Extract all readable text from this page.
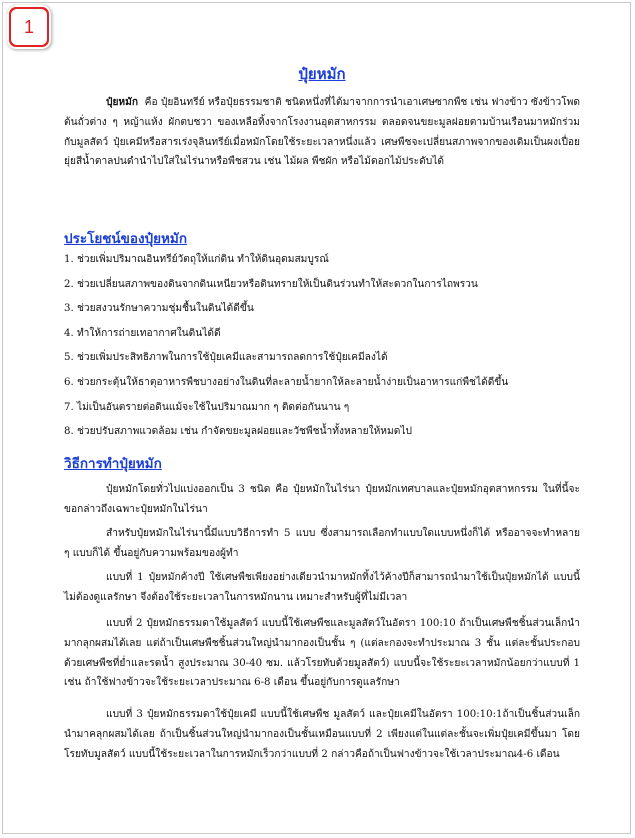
1
ปุ๋ยหมัก

ปุ๋ยหมัก คือ ปุ๋ยอินทรีย์ หรือปุ๋ยธรรมชาติ ชนิดหนึ่งที่ได้มาจากการนำเอาเศษซากพืช เช่น ฟางข้าว ซังข้าวโพด ต้นถั่วต่าง ๆ หญ้าแห้ง ผักตบชวา ของเหลือทิ้งจากโรงงานอุตสาหกรรม ตลอดจนขยะมูลฝอยตามบ้านเรือนมาหมักร่วมกับมูลสัตว์ ปุ๋ยเคมีหรือสารเร่งจุลินทรีย์เมื่อหมักโดยใช้ระยะเวลาหนึ่งแล้ว เศษพืชจะเปลี่ยนสภาพจากของเดิมเป็นผงเปื่อยยุ่ยสีน้ำตาลปนดำนำไปใส่ในไร่นาหรือพืชสวน เช่น ไม้ผล พืชผัก หรือไม้ดอกไม้ประดับได้

ประโยชน์ของปุ๋ยหมัก
1. ช่วยเพิ่มปริมาณอินทรีย์วัตถุให้แก่ดิน ทำให้ดินอุดมสมบูรณ์
2. ช่วยเปลี่ยนสภาพของดินจากดินเหนียวหรือดินทรายให้เป็นดินร่วนทำให้สะดวกในการไถพรวน
3. ช่วยสงวนรักษาความชุ่มชื้นในดินได้ดีขึ้น
4. ทำให้การถ่ายเทอากาศในดินได้ดี
5. ช่วยเพิ่มประสิทธิภาพในการใช้ปุ๋ยเคมีและสามารถลดการใช้ปุ๋ยเคมีลงได้
6. ช่วยกระตุ้นให้ธาตุอาหารพืชบางอย่างในดินที่ละลายน้ำยากให้ละลายน้ำง่ายเป็นอาหารแก่พืชได้ดีขึ้น
7. ไม่เป็นอันตรายต่อดินแม้จะใช้ในปริมาณมาก ๆ ติดต่อกันนาน ๆ
8. ช่วยปรับสภาพแวดล้อม เช่น กำจัดขยะมูลฝอยและวัชพืชน้ำทั้งหลายให้หมดไป
วิธีการทำปุ๋ยหมัก

ปุ๋ยหมักโดยทั่วไปแบ่งออกเป็น 3 ชนิด คือ ปุ๋ยหมักในไร่นา ปุ๋ยหมักเทศบาลและปุ๋ยหมักอุตสาหกรรม ในที่นี้จะขอกล่าวถึงเฉพาะปุ๋ยหมักในไร่นา

สำหรับปุ๋ยหมักในไร่นานี้มีแบบวิธีการทำ 5 แบบ ซึ่งสามารถเลือกทำแบบใดแบบหนึ่งก็ได้ หรืออาจจะทำหลาย ๆ แบบก็ได้ ขึ้นอยู่กับความพร้อมของผู้ทำ

แบบที่ 1 ปุ๋ยหมักค้างปี ใช้เศษพืชเพียงอย่างเดียวนำมาหมักทิ้งไว้ค้างปีก็สามารถนำมาใช้เป็นปุ๋ยหมักได้ แบบนี้ไม่ต้องดูแลรักษา จึงต้องใช้ระยะเวลาในการหมักนาน เหมาะสำหรับผู้ที่ไม่มีเวลา

แบบที่ 2 ปุ๋ยหมักธรรมดาใช้มูลสัตว์ แบบนี้ใช้เศษพืชและมูลสัตว์ในอัตรา 100:10 ถ้าเป็นเศษพืชชิ้นส่วนเล็กนำมากลุกผสมได้เลย แต่ถ้าเป็นเศษพืชชิ้นส่วนใหญ่นำมากองเป็นชั้น ๆ (แต่ละกองจะทำประมาณ 3 ชั้น แต่ละชั้นประกอบด้วยเศษพืชที่ย่ำและรดน้ำ สูงประมาณ 30-40 ซม. แล้วโรยทับด้วยมูลสัตว์) แบบนี้จะใช้ระยะเวลาหมักน้อยกว่าแบบที่ 1 เช่น ถ้าใช้ฟางข้าวจะใช้ระยะเวลาประมาณ 6-8 เดือน ขึ้นอยู่กับการดูแลรักษา

แบบที่ 3 ปุ๋ยหมักธรรมดาใช้ปุ๋ยเคมี แบบนี้ใช้เศษพืช มูลสัตว์ และปุ๋ยเคมีในอัตรา 100:10:1ถ้าเป็นชิ้นส่วนเล็กนำมาคลุกผสมได้เลย ถ้าเป็นชิ้นส่วนใหญ่นำมากองเป็นชั้นเหมือนแบบที่ 2 เพียงแต่ในแต่ละชั้นจะเพิ่มปุ๋ยเคมีขึ้นมา โดยโรยทับมูลสัตว์ แบบนี้ใช้ระยะเวลาในการหมักเร็วกว่าแบบที่ 2 กล่าวคือถ้าเป็นฟางข้าวจะใช้เวลาประมาณ4-6 เดือน
